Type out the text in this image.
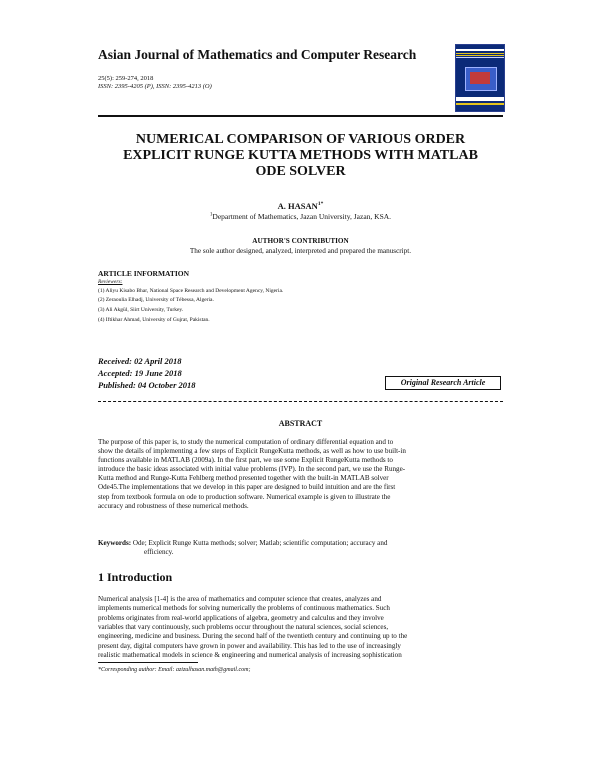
Asian Journal of Mathematics and Computer Research
25(5): 259-274, 2018
ISSN: 2395-4205 (P), ISSN: 2395-4213 (O)
NUMERICAL COMPARISON OF VARIOUS ORDER
EXPLICIT RUNGE KUTTA METHODS WITH MATLAB
ODE SOLVER
A. $HASAN^{1*}$
$^1$Department of Mathematics, Jazan University, Jazan, KSA.
AUTHOR'S CONTRIBUTION
The sole author designed, analyzed, interpreted and prepared the manuscript.
ARTICLE INFORMATION
Reviewers:
(1) Aliyu Kisabo Bhar, National Space Research and Development Agency, Nigeria.
(2) Zeraoulia Elhadj, University of Tébessa, Algeria.
(3) Ali Akgül, Siirt University, Turkey.
(4) Iftikhar Ahmad, University of Gujrat, Pakistan.
Received: 02 April 2018
Accepted: 19 June 2018
Published: 04 October 2018	Original Research Article
ABSTRACT
The purpose of this paper is, to study the numerical computation of ordinary differential equation and to
show the details of implementing a few steps of Explicit RungeKutta methods, as well as how to use built-in
functions available in MATLAB (2009a). In the first part, we use some Explicit RungeKutta methods to
introduce the basic ideas associated with initial value problems (IVP). In the second part, we use the Runge-
Kutta method and Runge-Kutta Fehlberg method presented together with the built-in MATLAB solver
Ode45.The implementations that we develop in this paper are designed to build intuition and are the first
step from textbook formula on ode to production software. Numerical example is given to illustrate the
accuracy and robustness of these numerical methods.
Keywords: Ode; Explicit Runge Kutta methods; solver; Matlab; scientific computation; accuracy and
efficiency.
1 Introduction
Numerical analysis [1-4] is the area of mathematics and computer science that creates, analyzes and
implements numerical methods for solving numerically the problems of continuous mathematics. Such
problems originates from real-world applications of algebra, geometry and calculus and they involve
variables that vary continuously, such problems occur throughout the natural sciences, social sciences,
engineering, medicine and business. During the second half of the twentieth century and continuing up to the
present day, digital computers have grown in power and availability. This has led to the use of increasingly
realistic mathematical models in science & engineering and numerical analysis of increasing sophistication
*Corresponding author: Email: azizulhasan.math@gmail.com;
